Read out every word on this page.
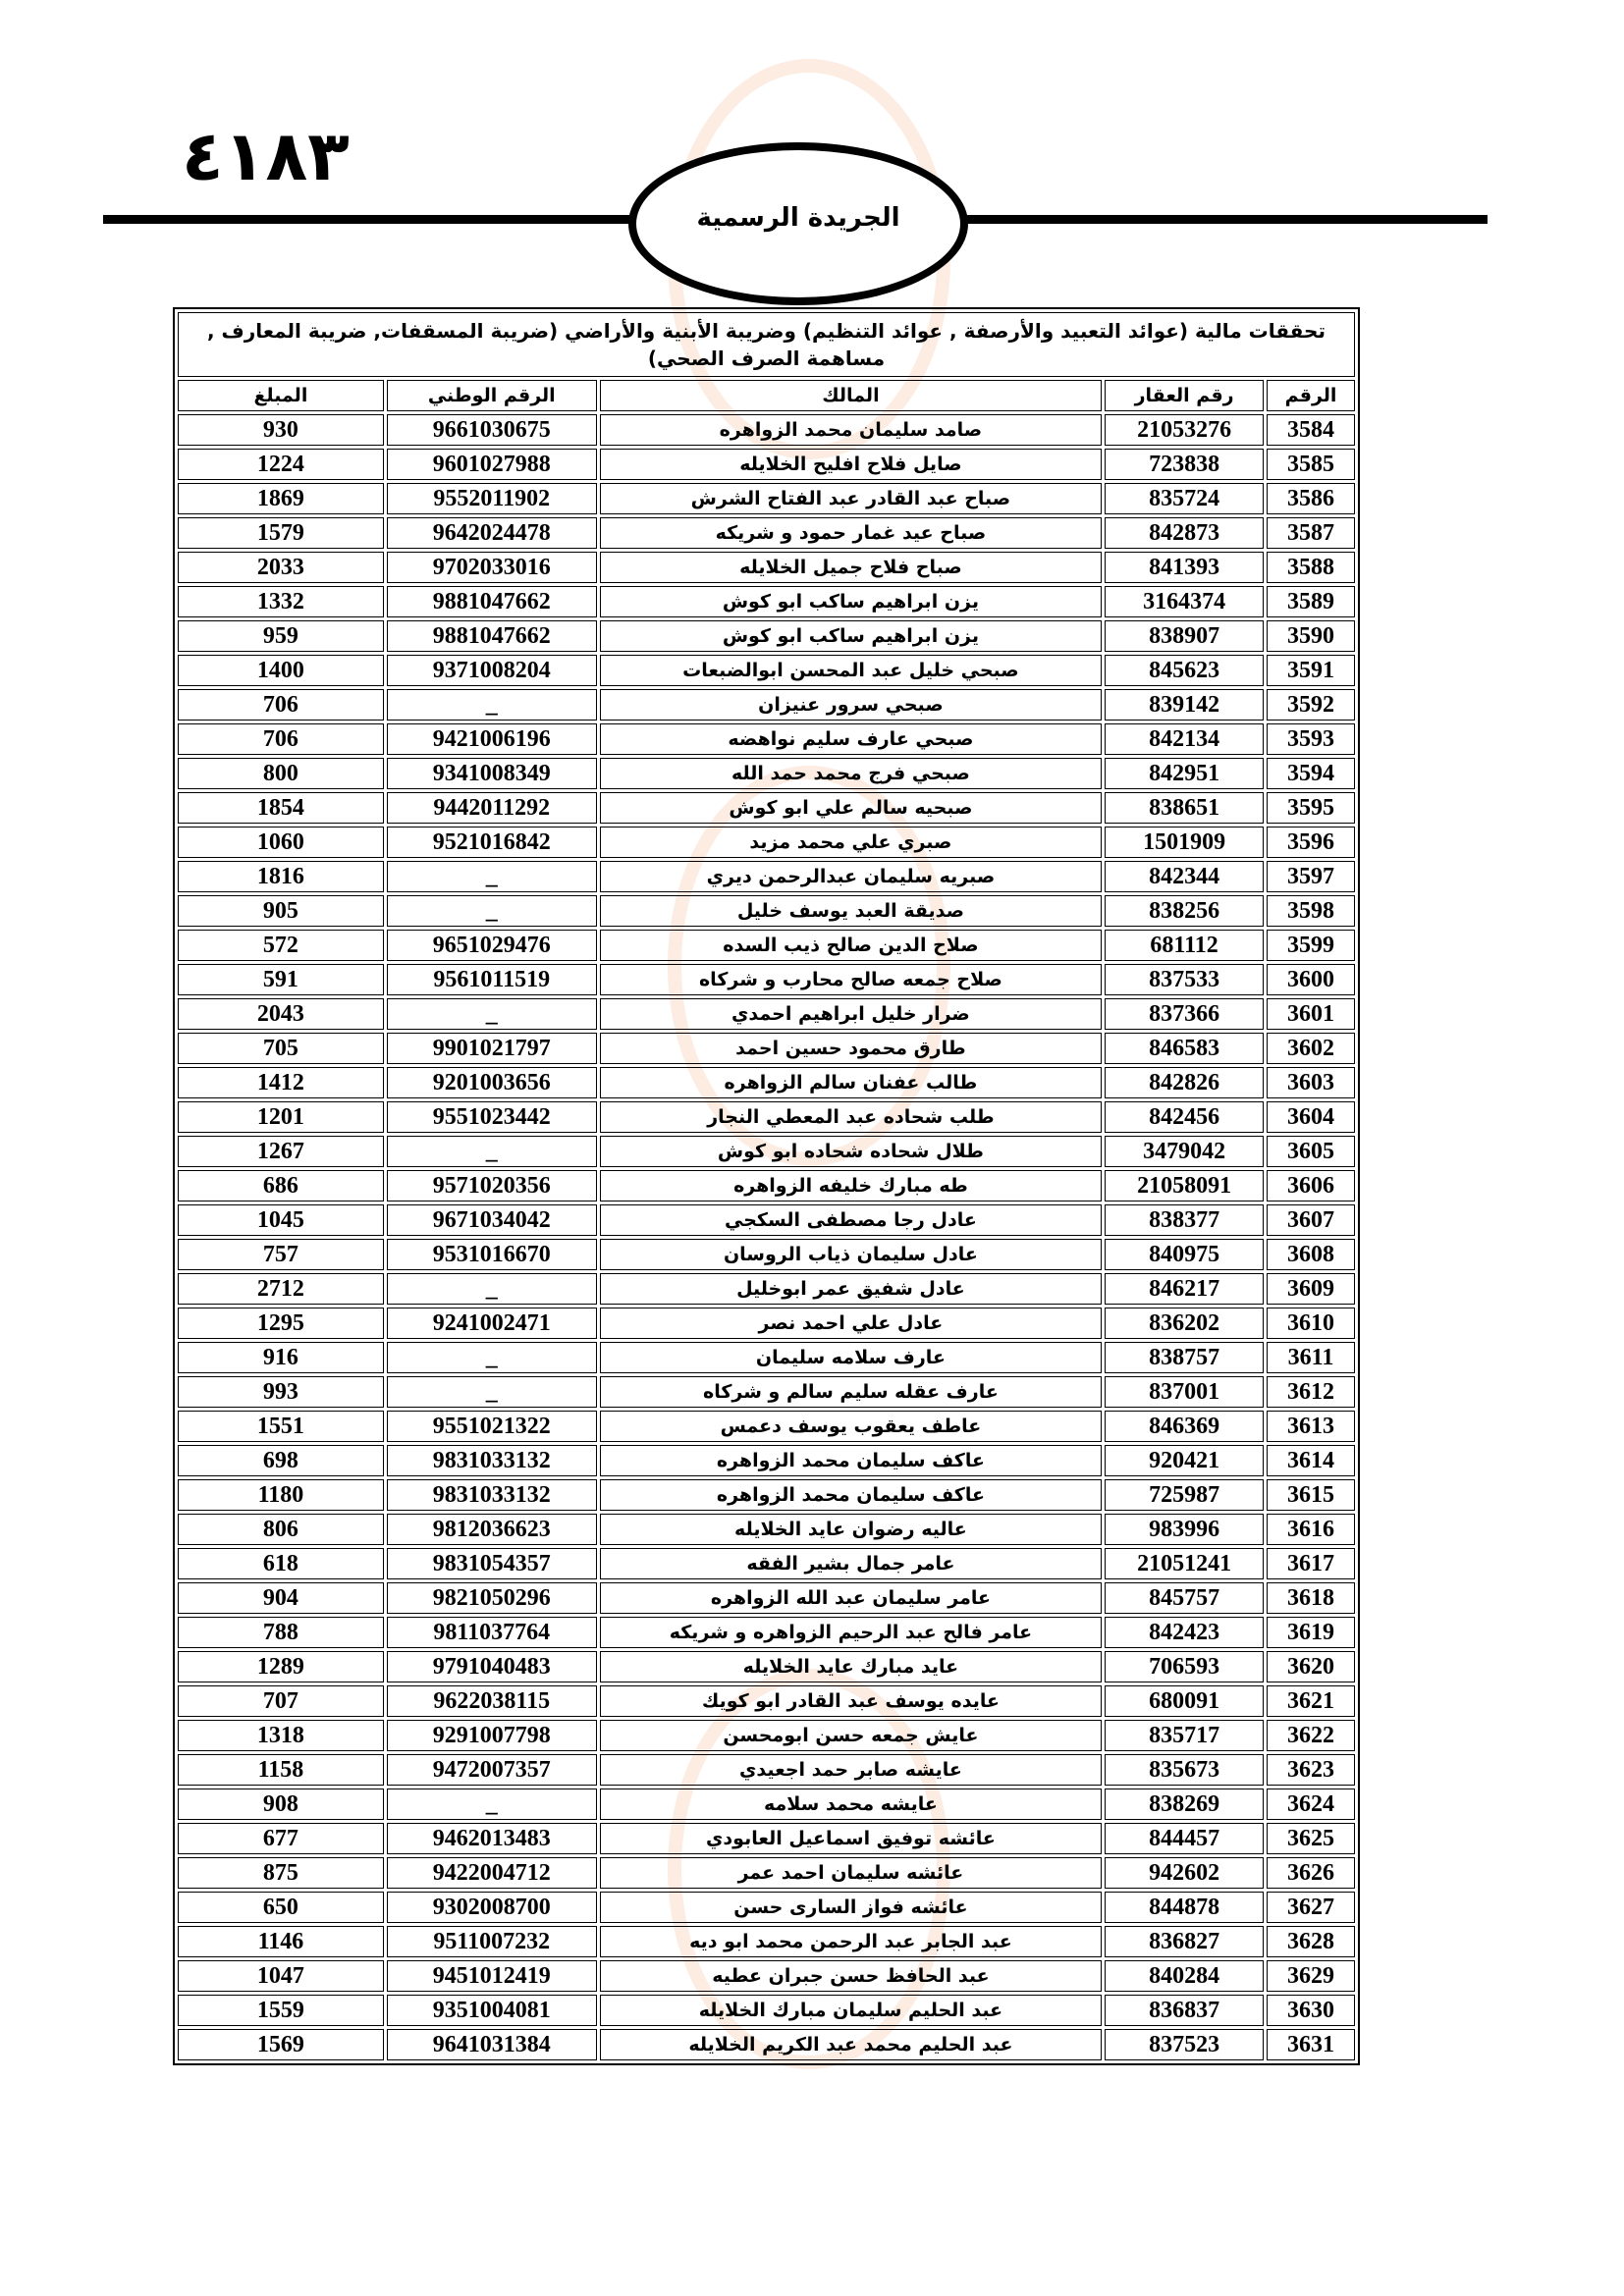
٤١٨٣
الجريدة الرسمية
تحققات مالية (عوائد التعبيد والأرصفة , عوائد التنظيم) وضريبة الأبنية والأراضي (ضريبة المسقفات, ضريبة المعارف , مساهمة الصرف الصحي)				
الرقم	رقم العقار	المالك	الرقم الوطني	المبلغ
3584	21053276	صامد سليمان محمد الزواهره	9661030675	930
3585	723838	صايل فلاح افليح الخلايله	9601027988	1224
3586	835724	صباح عبد القادر عبد الفتاح الشرش	9552011902	1869
3587	842873	صباح عيد غمار حمود و شريكه	9642024478	1579
3588	841393	صباح فلاح جميل الخلايله	9702033016	2033
3589	3164374	يزن ابراهيم ساكب ابو كوش	9881047662	1332
3590	838907	يزن ابراهيم ساكب ابو كوش	9881047662	959
3591	845623	صبحي خليل عبد المحسن ابوالضبعات	9371008204	1400
3592	839142	صبحي سرور عنيزان	_	706
3593	842134	صبحي عارف سليم نواهضه	9421006196	706
3594	842951	صبحي فرج محمد حمد الله	9341008349	800
3595	838651	صبحيه سالم علي ابو كوش	9442011292	1854
3596	1501909	صبري علي محمد مزيد	9521016842	1060
3597	842344	صبريه سليمان عبدالرحمن ديري	_	1816
3598	838256	صديقة العبد يوسف خليل	_	905
3599	681112	صلاح الدين صالح ذيب السده	9651029476	572
3600	837533	صلاح جمعه صالح محارب و شركاه	9561011519	591
3601	837366	ضرار خليل ابراهيم احمدي	_	2043
3602	846583	طارق محمود حسين احمد	9901021797	705
3603	842826	طالب عفنان سالم الزواهره	9201003656	1412
3604	842456	طلب شحاده عبد المعطي النجار	9551023442	1201
3605	3479042	طلال شحاده شحاده ابو كوش	_	1267
3606	21058091	طه مبارك خليفه الزواهره	9571020356	686
3607	838377	عادل رجا مصطفى السكجي	9671034042	1045
3608	840975	عادل سليمان ذياب الروسان	9531016670	757
3609	846217	عادل شفيق عمر ابوخليل	_	2712
3610	836202	عادل علي احمد نصر	9241002471	1295
3611	838757	عارف سلامه سليمان	_	916
3612	837001	عارف عقله سليم سالم و شركاه	_	993
3613	846369	عاطف يعقوب يوسف دعمس	9551021322	1551
3614	920421	عاكف سليمان محمد الزواهره	9831033132	698
3615	725987	عاكف سليمان محمد الزواهره	9831033132	1180
3616	983996	عاليه رضوان عايد الخلايله	9812036623	806
3617	21051241	عامر جمال بشير الفقه	9831054357	618
3618	845757	عامر سليمان عبد الله الزواهره	9821050296	904
3619	842423	عامر فالح عبد الرحيم الزواهره و شريكه	9811037764	788
3620	706593	عايد مبارك عايد الخلايله	9791040483	1289
3621	680091	عايده يوسف عبد القادر ابو كويك	9622038115	707
3622	835717	عايش جمعه حسن ابومحسن	9291007798	1318
3623	835673	عايشه صابر حمد اجعيدي	9472007357	1158
3624	838269	عايشه محمد سلامه	_	908
3625	844457	عائشه توفيق اسماعيل العابودي	9462013483	677
3626	942602	عائشه سليمان احمد عمر	9422004712	875
3627	844878	عائشه فواز السارى حسن	9302008700	650
3628	836827	عبد الجابر عبد الرحمن محمد ابو ديه	9511007232	1146
3629	840284	عبد الحافظ حسن جبران عطيه	9451012419	1047
3630	836837	عبد الحليم سليمان مبارك الخلايله	9351004081	1559
3631	837523	عبد الحليم محمد عبد الكريم الخلايله	9641031384	1569
